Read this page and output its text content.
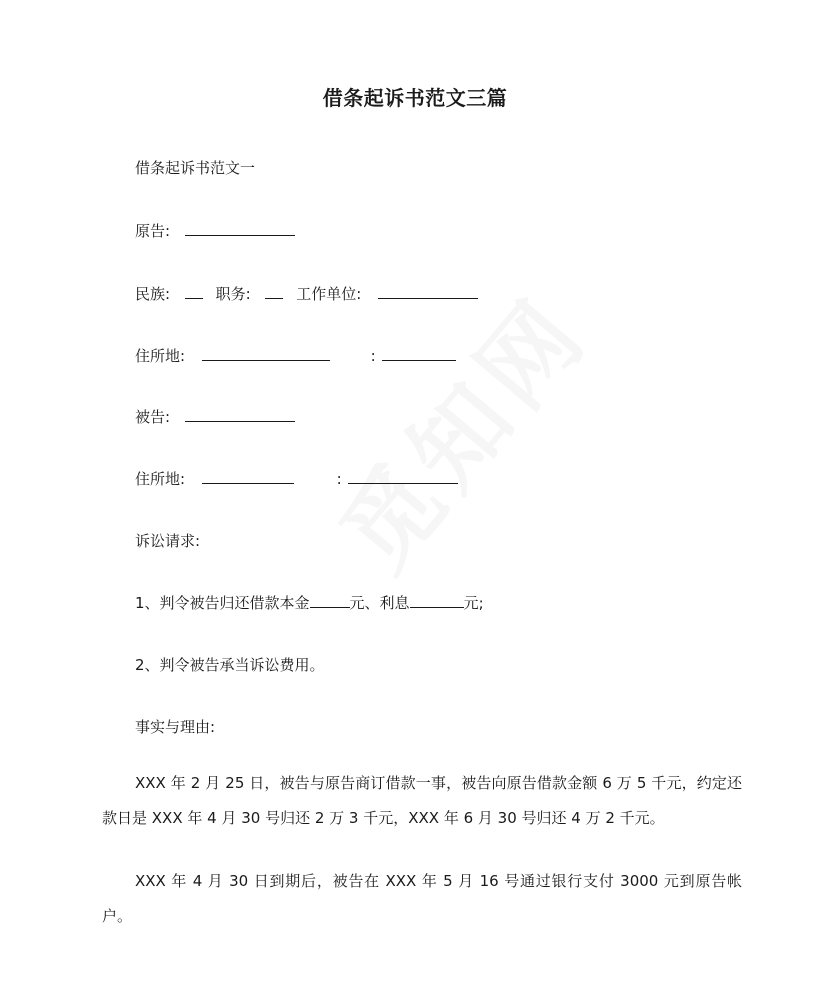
借条起诉书范文三篇
借条起诉书范文一
原告:
民族:	职务:	工作单位:
住所地:	:
被告:
住所地:	:
诉讼请求:
1、判令被告归还借款本金	元、利息	元;
2、判令被告承当诉讼费用。
事实与理由:
XXX 年 2 月 25 日，被告与原告商订借款一事，被告向原告借款金额 6 万 5 千元，约定还款日是 XXX 年 4 月 30 号归还 2 万 3 千元，XXX 年 6 月 30 号归还 4 万 2 千元。
XXX 年 4 月 30 日到期后，被告在 XXX 年 5 月 16 号通过银行支付 3000 元到原告帐户。
